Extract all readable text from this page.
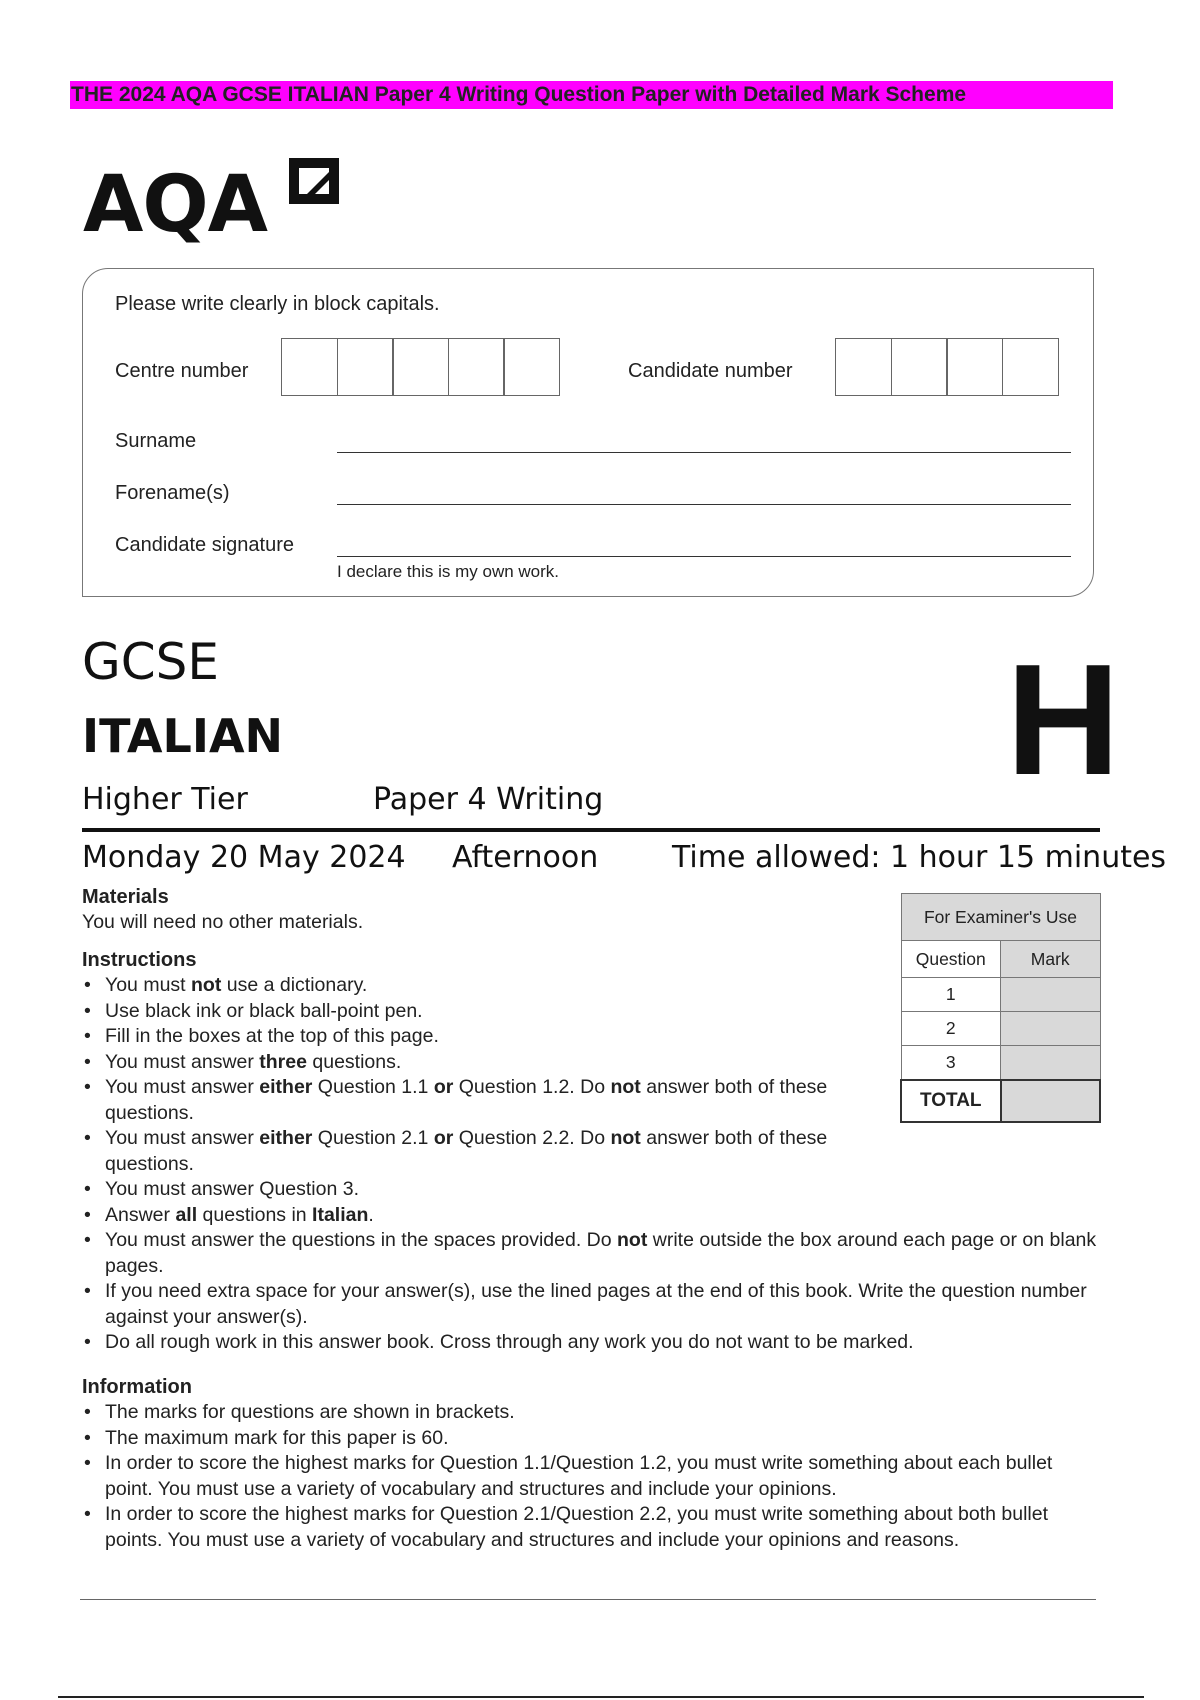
THE 2024 AQA GCSE ITALIAN Paper 4 Writing Question Paper with Detailed Mark Scheme
AQA
Please write clearly in block capitals.
Centre number	Candidate number
Surname
Forename(s)
Candidate signature
I declare this is my own work.
GCSE
ITALIAN
Higher Tier	Paper 4 Writing	H
Monday 20 May 2024 Afternoon Time allowed: 1 hour 15 minutes
Materials

You will need no other materials.

Instructions
• You must not use a dictionary.
• Use black ink or black ball-point pen.
• Fill in the boxes at the top of this page.
• You must answer three questions.
• You must answer either Question 1.1 or Question 1.2. Do not answer both of these questions.
• You must answer either Question 2.1 or Question 2.2. Do not answer both of these questions.
• You must answer Question 3.
• Answer all questions in Italian.
• You must answer the questions in the spaces provided. Do not write outside the box around each page or on blank pages.
• If you need extra space for your answer(s), use the lined pages at the end of this book. Write the question number against your answer(s).
• Do all rough work in this answer book. Cross through any work you do not want to be marked.
Information
• The marks for questions are shown in brackets.
• The maximum mark for this paper is 60.
• In order to score the highest marks for Question 1.1/Question 1.2, you must write something about each bullet point. You must use a variety of vocabulary and structures and include your opinions.
• In order to score the highest marks for Question 2.1/Question 2.2, you must write something about both bullet points. You must use a variety of vocabulary and structures and include your opinions and reasons.
For Examiner's Use	
Question	Mark
1	
2	
3	
TOTAL	
